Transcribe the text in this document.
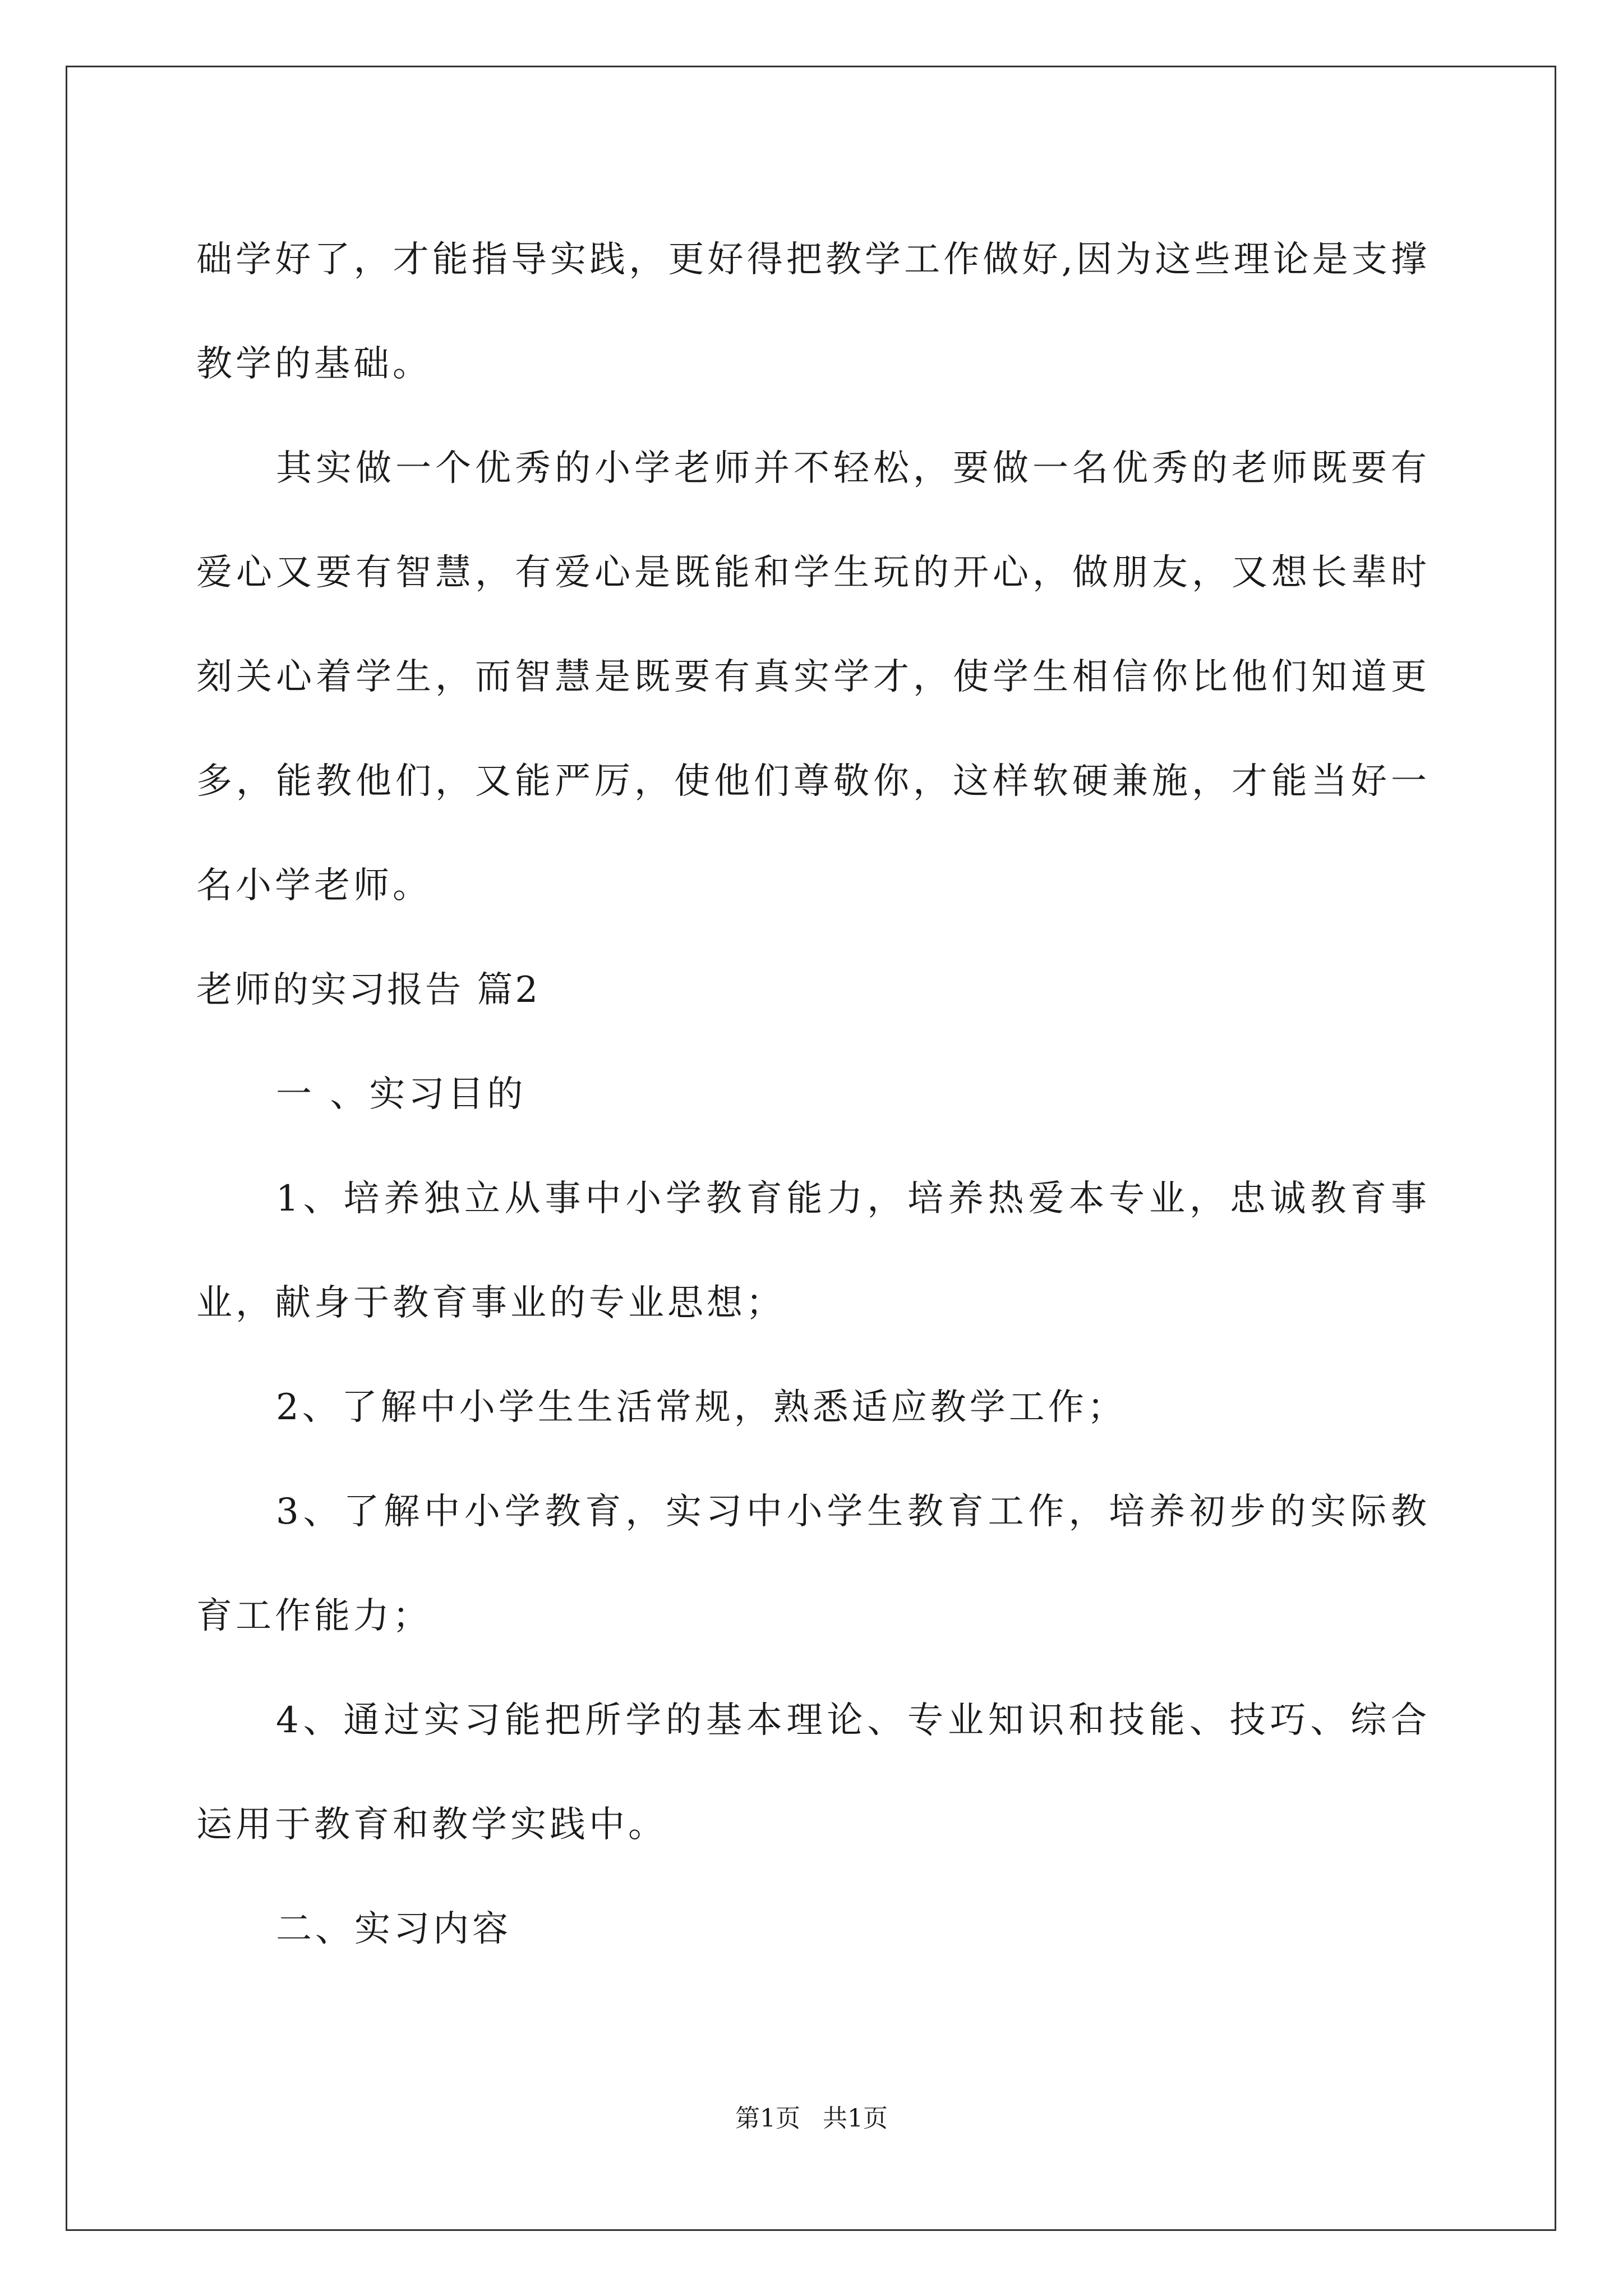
础学好了，才能指导实践，更好得把教学工作做好,因为这些理论是支撑教学的基础。

其实做一个优秀的小学老师并不轻松，要做一名优秀的老师既要有爱心又要有智慧，有爱心是既能和学生玩的开心，做朋友，又想长辈时刻关心着学生，而智慧是既要有真实学才，使学生相信你比他们知道更多，能教他们，又能严厉，使他们尊敬你，这样软硬兼施，才能当好一名小学老师。

老师的实习报告 篇2

一 、实习目的

1、培养独立从事中小学教育能力，培养热爱本专业，忠诚教育事业，献身于教育事业的专业思想；

2、了解中小学生生活常规，熟悉适应教学工作；

3、了解中小学教育，实习中小学生教育工作，培养初步的实际教育工作能力；

4、通过实习能把所学的基本理论、专业知识和技能、技巧、综合运用于教育和教学实践中。

二、实习内容

第1页 共1页
